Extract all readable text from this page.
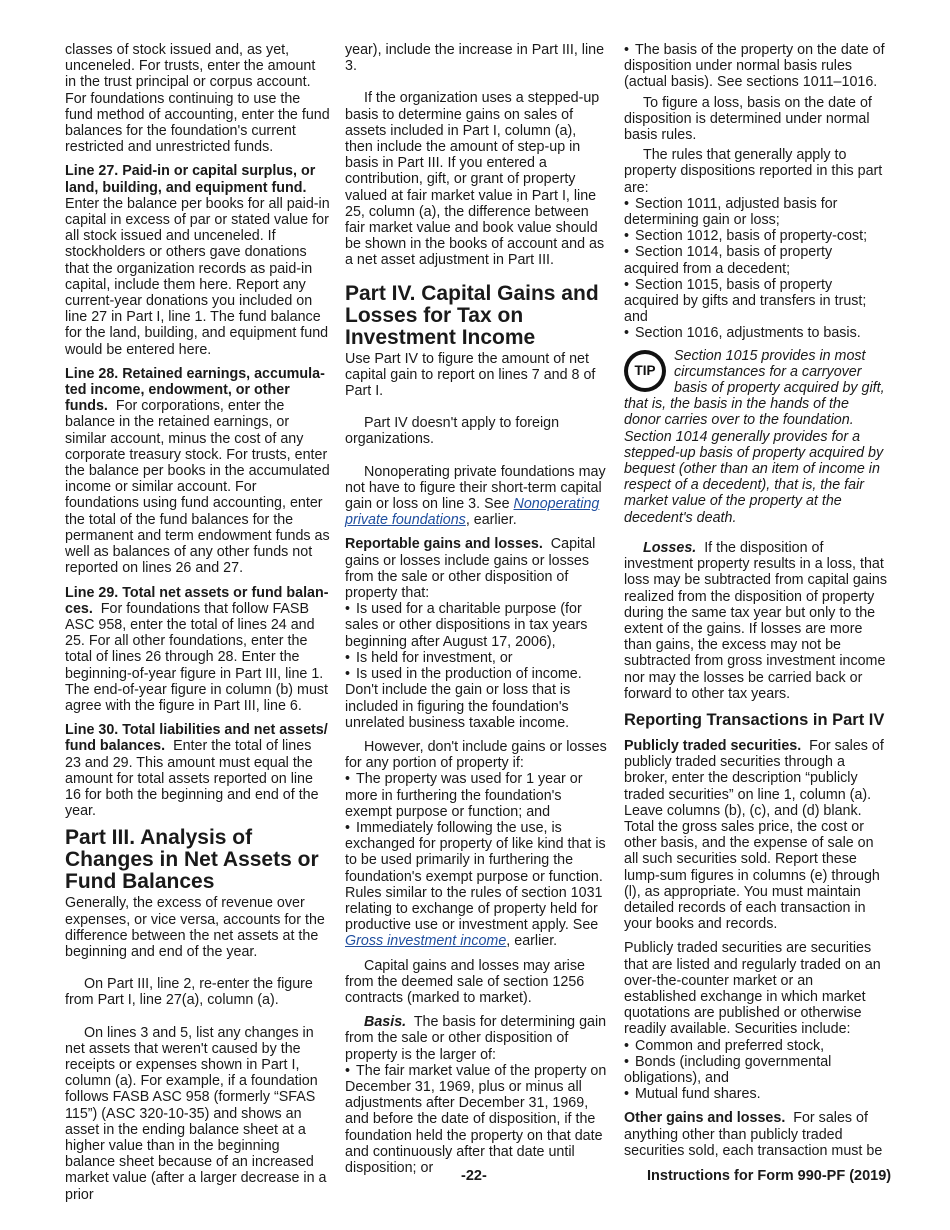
classes of stock issued and, as yet, unceneled. For trusts, enter the amount in the trust principal or corpus account. For foundations continuing to use the fund method of accounting, enter the fund balances for the foundation's current restricted and unrestricted funds.

Line 27. Paid-in or capital surplus, or land, building, and equipment fund. Enter the balance per books for all paid-in capital in excess of par or stated value for all stock issued and unceneled. If stockholders or others gave donations that the organization records as paid-in capital, include them here. Report any current-year donations you included on line 27 in Part I, line 1. The fund balance for the land, building, and equipment fund would be entered here.

Line 28. Retained earnings, accumulated income, endowment, or other funds. For corporations, enter the balance in the retained earnings, or similar account, minus the cost of any corporate treasury stock. For trusts, enter the balance per books in the accumulated income or similar account. For foundations using fund accounting, enter the total of the fund balances for the permanent and term endowment funds as well as balances of any other funds not reported on lines 26 and 27.

Line 29. Total net assets or fund balances. For foundations that follow FASB ASC 958, enter the total of lines 24 and 25. For all other foundations, enter the total of lines 26 through 28. Enter the beginning-of-year figure in Part III, line 1. The end-of-year figure in column (b) must agree with the figure in Part III, line 6.

Line 30. Total liabilities and net assets/ fund balances. Enter the total of lines 23 and 29. This amount must equal the amount for total assets reported on line 16 for both the beginning and end of the year.

Part III. Analysis of Changes in Net Assets or Fund Balances

Generally, the excess of revenue over expenses, or vice versa, accounts for the difference between the net assets at the beginning and end of the year.

On Part III, line 2, re-enter the figure from Part I, line 27(a), column (a).

On lines 3 and 5, list any changes in net assets that weren't caused by the receipts or expenses shown in Part I, column (a). For example, if a foundation follows FASB ASC 958 (formerly “SFAS 115”) (ASC 320-10-35) and shows an asset in the ending balance sheet at a higher value than in the beginning balance sheet because of an increased market value (after a larger decrease in a prior

year), include the increase in Part III, line 3.

If the organization uses a stepped-up basis to determine gains on sales of assets included in Part I, column (a), then include the amount of step-up in basis in Part III. If you entered a contribution, gift, or grant of property valued at fair market value in Part I, line 25, column (a), the difference between fair market value and book value should be shown in the books of account and as a net asset adjustment in Part III.

Part IV. Capital Gains and Losses for Tax on Investment Income

Use Part IV to figure the amount of net capital gain to report on lines 7 and 8 of Part I.

Part IV doesn't apply to foreign organizations.

Nonoperating private foundations may not have to figure their short-term capital gain or loss on line 3. See Nonoperating private foundations, earlier.

Reportable gains and losses. Capital gains or losses include gains or losses from the sale or other disposition of property that:

• Is used for a charitable purpose (for sales or other dispositions in tax years beginning after August 17, 2006),
• Is held for investment, or
• Is used in the production of income.

Don't include the gain or loss that is included in figuring the foundation's unrelated business taxable income.

However, don't include gains or losses for any portion of property if:

• The property was used for 1 year or more in furthering the foundation's exempt purpose or function; and

• Immediately following the use, is exchanged for property of like kind that is to be used primarily in furthering the foundation's exempt purpose or function. Rules similar to the rules of section 1031 relating to exchange of property held for productive use or investment apply. See Gross investment income, earlier.

Capital gains and losses may arise from the deemed sale of section 1256 contracts (marked to market).

Basis. The basis for determining gain from the sale or other disposition of property is the larger of:

• The fair market value of the property on December 31, 1969, plus or minus all adjustments after December 31, 1969, and before the date of disposition, if the foundation held the property on that date and continuously after that date until disposition; or

• The basis of the property on the date of disposition under normal basis rules (actual basis). See sections 1011–1016.

To figure a loss, basis on the date of disposition is determined under normal basis rules.

The rules that generally apply to property dispositions reported in this part are:

• Section 1011, adjusted basis for determining gain or loss;
• Section 1012, basis of property-cost;
• Section 1014, basis of property acquired from a decedent;
• Section 1015, basis of property acquired by gifts and transfers in trust; and
• Section 1016, adjustments to basis.
TIP
Section 1015 provides in most circumstances for a carryover basis of property acquired by gift, that is, the basis in the hands of the donor carries over to the foundation. Section 1014 generally provides for a stepped-up basis of property acquired by bequest (other than an item of income in respect of a decedent), that is, the fair market value of the property at the decedent's death.

Losses. If the disposition of investment property results in a loss, that loss may be subtracted from capital gains realized from the disposition of property during the same tax year but only to the extent of the gains. If losses are more than gains, the excess may not be subtracted from gross investment income nor may the losses be carried back or forward to other tax years.

Reporting Transactions in Part IV

Publicly traded securities. For sales of publicly traded securities through a broker, enter the description “publicly traded securities” on line 1, column (a). Leave columns (b), (c), and (d) blank. Total the gross sales price, the cost or other basis, and the expense of sale on all such securities sold. Report these lump-sum figures in columns (e) through (l), as appropriate. You must maintain detailed records of each transaction in your books and records.

Publicly traded securities are securities that are listed and regularly traded on an over-the-counter market or an established exchange in which market quotations are published or otherwise readily available. Securities include:

• Common and preferred stock,
• Bonds (including governmental obligations), and
• Mutual fund shares.

Other gains and losses. For sales of anything other than publicly traded securities sold, each transaction must be

-22-	Instructions for Form 990-PF (2019)
